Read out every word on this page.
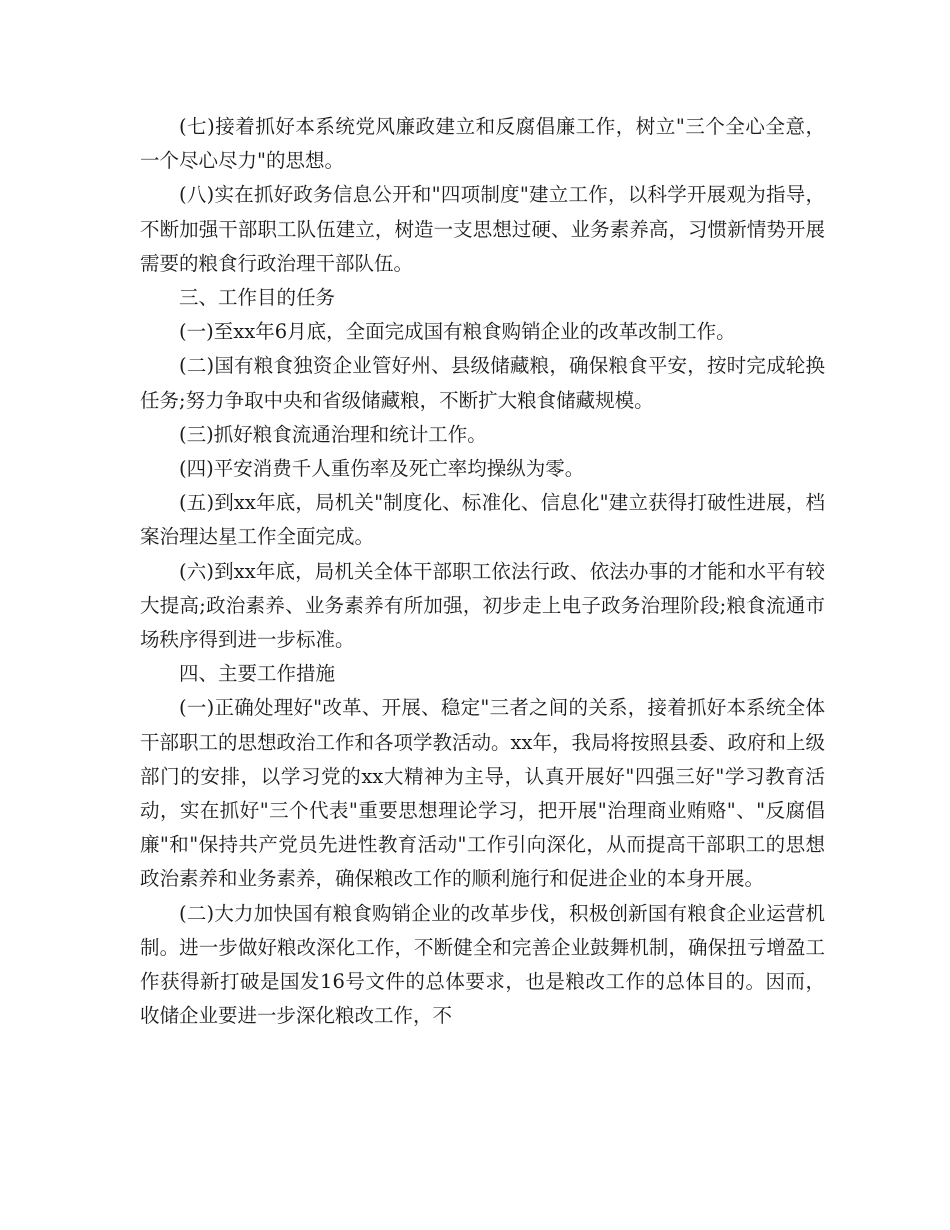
(七)接着抓好本系统党风廉政建立和反腐倡廉工作，树立"三个全心全意，一个尽心尽力"的思想。

(八)实在抓好政务信息公开和"四项制度"建立工作，以科学开展观为指导，不断加强干部职工队伍建立，树造一支思想过硬、业务素养高，习惯新情势开展需要的粮食行政治理干部队伍。

三、工作目的任务

(一)至xx年6月底，全面完成国有粮食购销企业的改革改制工作。

(二)国有粮食独资企业管好州、县级储藏粮，确保粮食平安，按时完成轮换任务;努力争取中央和省级储藏粮，不断扩大粮食储藏规模。

(三)抓好粮食流通治理和统计工作。

(四)平安消费千人重伤率及死亡率均操纵为零。

(五)到xx年底，局机关"制度化、标准化、信息化"建立获得打破性进展，档案治理达星工作全面完成。

(六)到xx年底，局机关全体干部职工依法行政、依法办事的才能和水平有较大提高;政治素养、业务素养有所加强，初步走上电子政务治理阶段;粮食流通市场秩序得到进一步标准。

四、主要工作措施

(一)正确处理好"改革、开展、稳定"三者之间的关系，接着抓好本系统全体干部职工的思想政治工作和各项学教活动。xx年，我局将按照县委、政府和上级部门的安排，以学习党的xx大精神为主导，认真开展好"四强三好"学习教育活动，实在抓好"三个代表"重要思想理论学习，把开展"治理商业贿赂"、"反腐倡廉"和"保持共产党员先进性教育活动"工作引向深化，从而提高干部职工的思想政治素养和业务素养，确保粮改工作的顺利施行和促进企业的本身开展。

(二)大力加快国有粮食购销企业的改革步伐，积极创新国有粮食企业运营机制。进一步做好粮改深化工作，不断健全和完善企业鼓舞机制，确保扭亏增盈工作获得新打破是国发16号文件的总体要求，也是粮改工作的总体目的。因而，收储企业要进一步深化粮改工作，不
